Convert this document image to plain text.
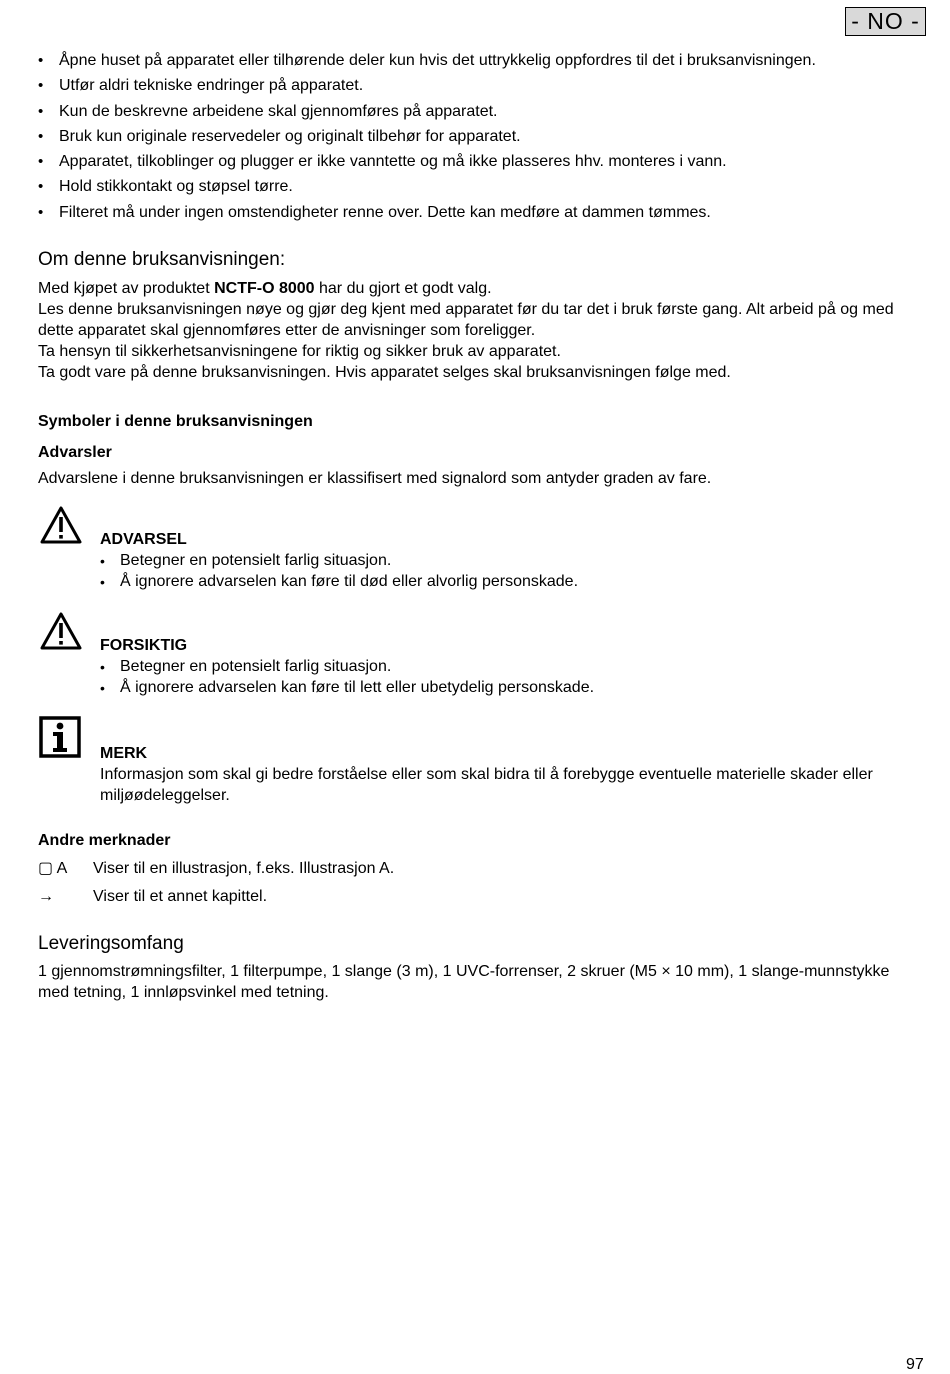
- NO -
• Åpne huset på apparatet eller tilhørende deler kun hvis det uttrykkelig oppfordres til det i bruksanvisningen.
• Utfør aldri tekniske endringer på apparatet.
• Kun de beskrevne arbeidene skal gjennomføres på apparatet.
• Bruk kun originale reservedeler og originalt tilbehør for apparatet.
• Apparatet, tilkoblinger og plugger er ikke vanntette og må ikke plasseres hhv. monteres i vann.
• Hold stikkontakt og støpsel tørre.
• Filteret må under ingen omstendigheter renne over. Dette kan medføre at dammen tømmes.
Om denne bruksanvisningen:

Med kjøpet av produktet NCTF-O 8000 har du gjort et godt valg.

Les denne bruksanvisningen nøye og gjør deg kjent med apparatet før du tar det i bruk første gang. Alt arbeid på og med dette apparatet skal gjennomføres etter de anvisninger som foreligger.

Ta hensyn til sikkerhetsanvisningene for riktig og sikker bruk av apparatet.

Ta godt vare på denne bruksanvisningen. Hvis apparatet selges skal bruksanvisningen følge med.

Symboler i denne bruksanvisningen
Advarsler

Advarslene i denne bruksanvisningen er klassifisert med signalord som antyder graden av fare.

ADVARSEL
• Betegner en potensielt farlig situasjon.
• Å ignorere advarselen kan føre til død eller alvorlig personskade.
FORSIKTIG
• Betegner en potensielt farlig situasjon.
• Å ignorere advarselen kan føre til lett eller ubetydelig personskade.
MERK
Informasjon som skal gi bedre forståelse eller som skal bidra til å forebygge eventuelle materielle skader eller miljøødeleggelser.
Andre merknader
▢ A	Viser til en illustrasjon, f.eks. Illustrasjon A.
→	Viser til et annet kapittel.
Leveringsomfang

1 gjennomstrømningsfilter, 1 filterpumpe, 1 slange (3 m), 1 UVC-forrenser, 2 skruer (M5 × 10 mm), 1 slange-munnstykke med tetning, 1 innløpsvinkel med tetning.

97
